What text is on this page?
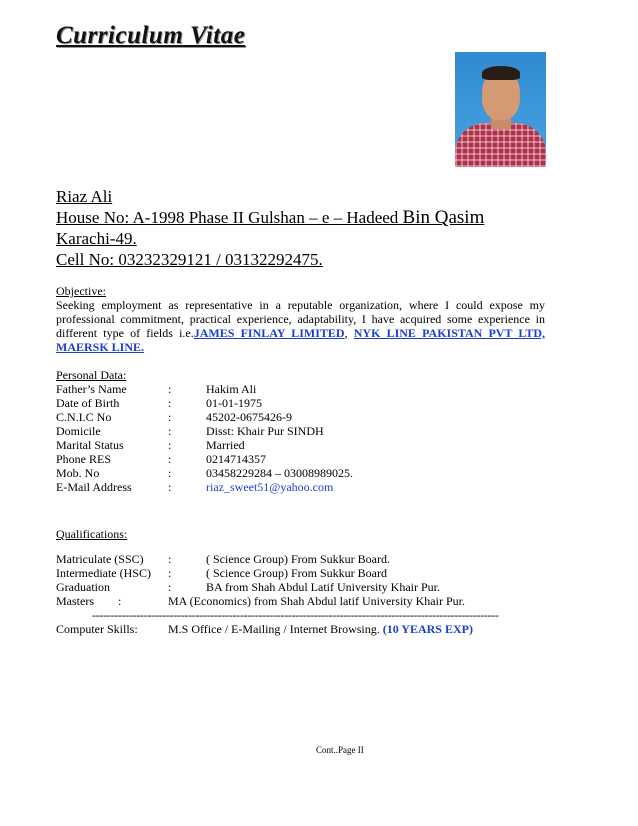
Curriculum Vitae
Riaz Ali
House No: A-1998 Phase II Gulshan – e – Hadeed Bin Qasim
Karachi-49.
Cell No: 03232329121 / 03132292475.
Objective:
Seeking employment as representative in a reputable organization, where I could expose my professional commitment, practical experience, adaptability, I have acquired some experience in different type of fields i.e.JAMES FINLAY LIMITED, NYK LINE PAKISTAN PVT LTD, MAERSK LINE.
Personal Data:
Father’s Name	:	Hakim Ali
Date of Birth	:	01-01-1975
C.N.I.C No	:	45202-0675426-9
Domicile	:	Disst: Khair Pur SINDH
Marital Status	:	Married
Phone RES	:	0214714357
Mob. No	:	03458229284 – 03008989025.
E-Mail Address	:	riaz_sweet51@yahoo.com
Qualifications:
Matriculate (SSC)	:	( Science Group) From Sukkur Board.
Intermediate (HSC)	:	( Science Group) From Sukkur Board
Graduation	:	BA from Shah Abdul Latif University Khair Pur.
Masters	:	MA (Economics) from Shah Abdul latif University Khair Pur.
--------------------------------------------------------------------------------------------------------------
Computer Skills:	M.S Office / E-Mailing / Internet Browsing.
(10 YEARS EXP)
Cont..Page II
